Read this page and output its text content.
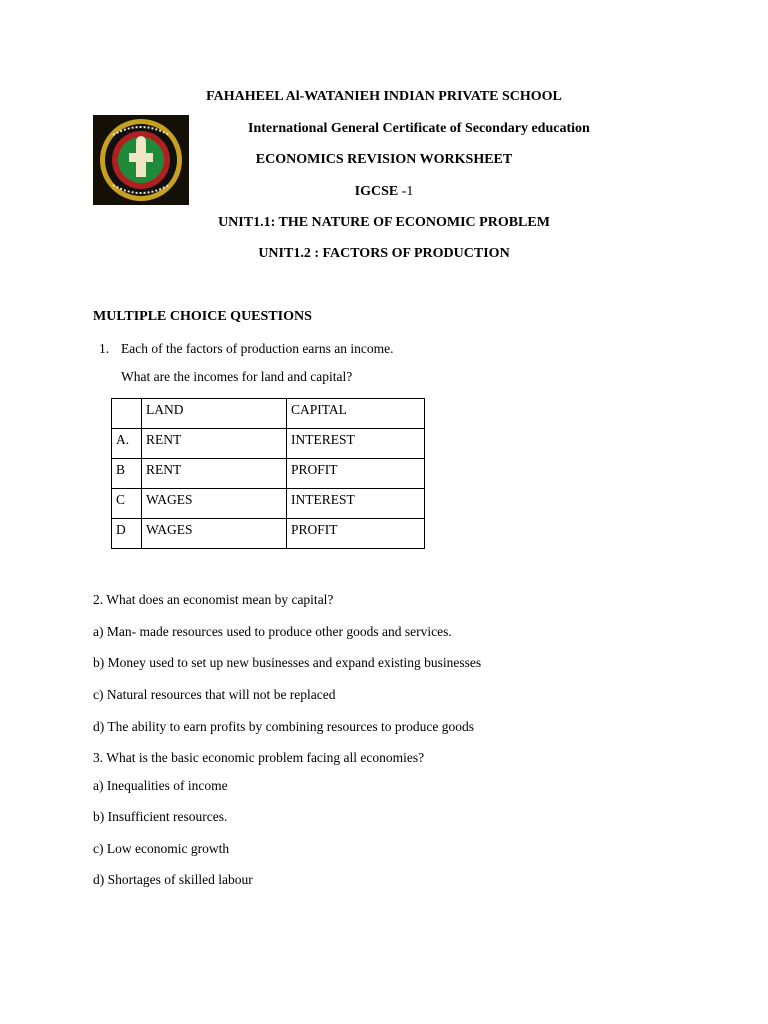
FAHAHEEL Al-WATANIEH INDIAN PRIVATE SCHOOL
International General Certificate of Secondary education
ECONOMICS REVISION WORKSHEET
IGCSE -1
UNIT1.1: THE NATURE OF ECONOMIC PROBLEM
UNIT1.2 : FACTORS OF PRODUCTION
MULTIPLE CHOICE QUESTIONS
1. Each of the factors of production earns an income.
What are the incomes for land and capital?
	LAND	CAPITAL
A.	RENT	INTEREST
B	RENT	PROFIT
C	WAGES	INTEREST
D	WAGES	PROFIT
2. What does an economist mean by capital?
a) Man- made resources used to produce other goods and services.
b) Money used to set up new businesses and expand existing businesses
c) Natural resources that will not be replaced
d) The ability to earn profits by combining resources to produce goods
3. What is the basic economic problem facing all economies?
a) Inequalities of income
b) Insufficient resources.
c) Low economic growth
d) Shortages of skilled labour
